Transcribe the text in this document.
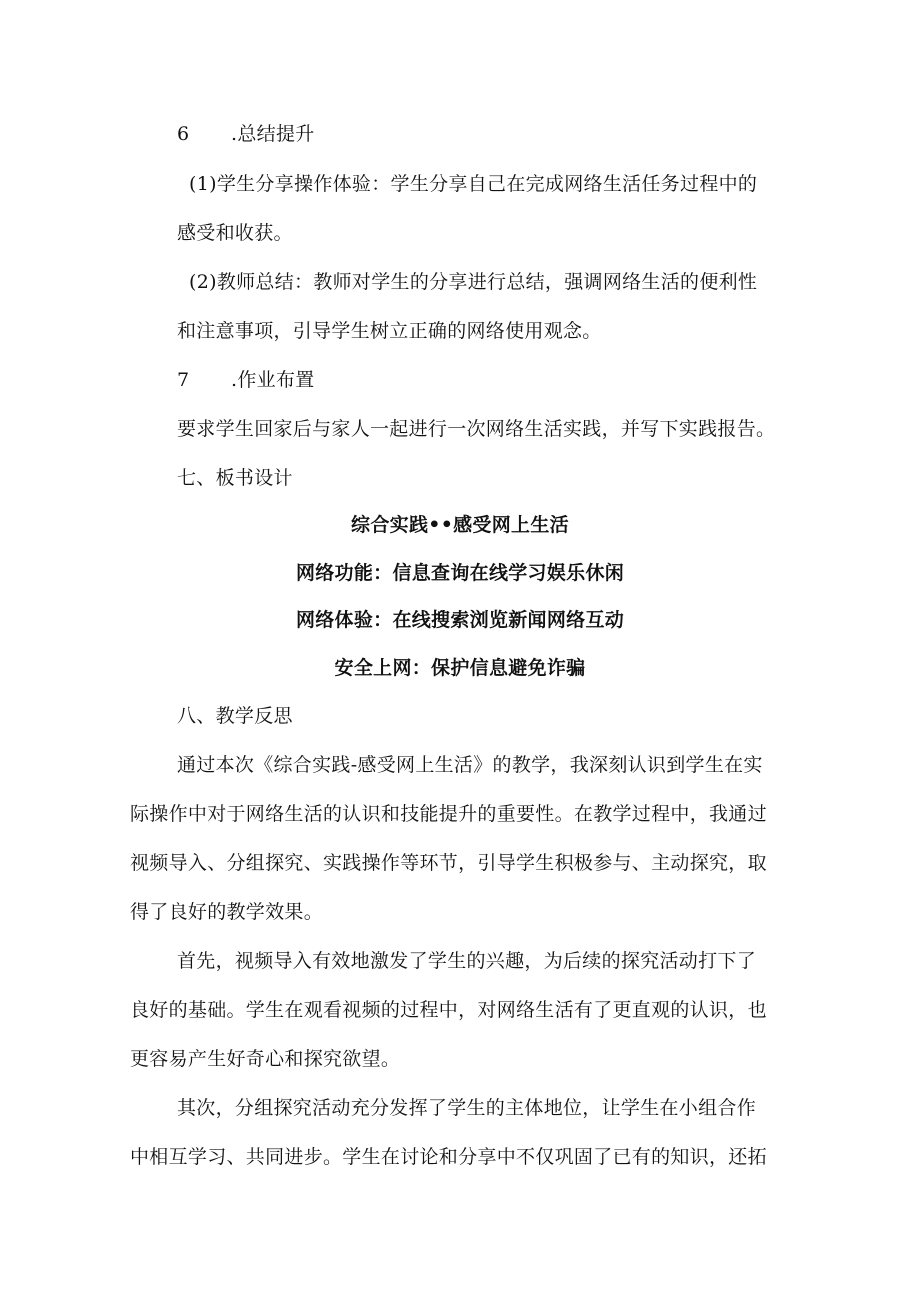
6 .总结提升
(1)学生分享操作体验：学生分享自己在完成网络生活任务过程中的
感受和收获。
(2)教师总结：教师对学生的分享进行总结，强调网络生活的便利性
和注意事项，引导学生树立正确的网络使用观念。
7 .作业布置
要求学生回家后与家人一起进行一次网络生活实践，并写下实践报告。
七、板书设计
综合实践••感受网上生活
网络功能：信息查询在线学习娱乐休闲
网络体验：在线搜索浏览新闻网络互动
安全上网：保护信息避免诈骗
八、教学反思
通过本次《综合实践-感受网上生活》的教学，我深刻认识到学生在实
际操作中对于网络生活的认识和技能提升的重要性。在教学过程中，我通过
视频导入、分组探究、实践操作等环节，引导学生积极参与、主动探究，取
得了良好的教学效果。
首先，视频导入有效地激发了学生的兴趣，为后续的探究活动打下了
良好的基础。学生在观看视频的过程中，对网络生活有了更直观的认识，也
更容易产生好奇心和探究欲望。
其次，分组探究活动充分发挥了学生的主体地位，让学生在小组合作
中相互学习、共同进步。学生在讨论和分享中不仅巩固了已有的知识，还拓
